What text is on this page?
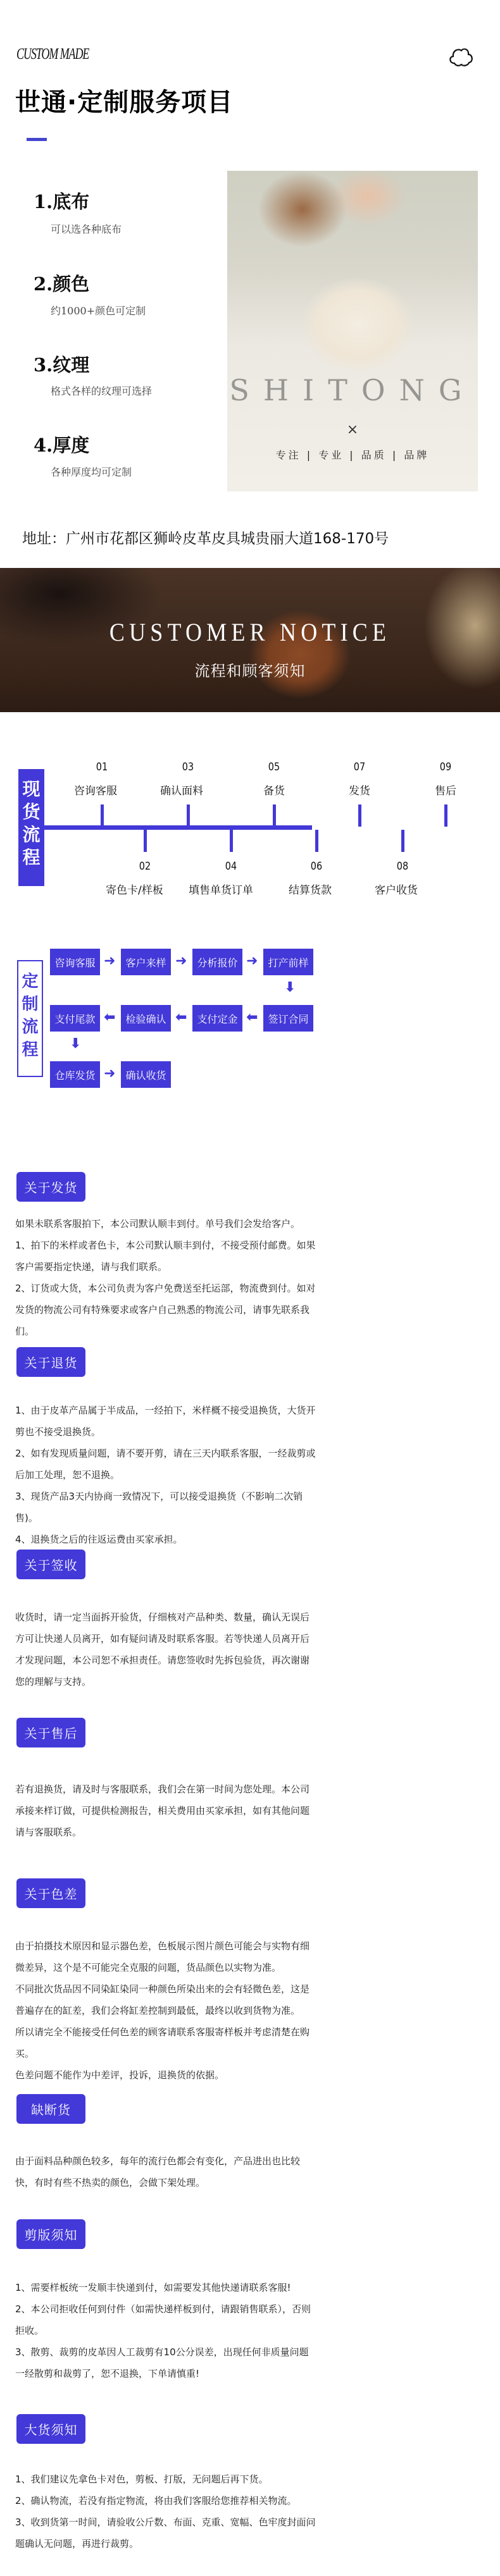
CUSTOM MADE
世通·定制服务项目
1.底布
可以选各种底布
2.颜色
约1000+颜色可定制
3.纹理
格式各样的纹理可选择
4.厚度
各种厚度均可定制
SHITONG
×
专注 | 专业 | 品质 | 品牌
地址：广州市花都区狮岭皮革皮具城贵丽大道168-170号
CUSTOMER NOTICE
流程和顾客须知
现货流程
01
咨询客服
03
确认面料
05
备货
07
发货
09
售后
02
寄色卡/样板
04
填售单货订单
06
结算货款
08
客户收货
定制流程
咨询客服 ➜	客户来样 ➜	分析报价 ➜	打产前样
⬇
支付尾款 ⬅	检验确认 ⬅	支付定金 ⬅	签订合同
⬇
仓库发货 ➜	确认收货
关于发货

如果未联系客服拍下，本公司默认顺丰到付。单号我们会发给客户。

1、拍下的米样或者色卡，本公司默认顺丰到付，不接受预付邮费。如果客户需要指定快递，请与我们联系。

2、订货或大货，本公司负责为客户免费送至托运部，物流费到付。如对发货的物流公司有特殊要求或客户自己熟悉的物流公司，请事先联系我们。

关于退货

1、由于皮革产品属于半成品，一经拍下，米样概不接受退换货，大货开剪也不接受退换货。

2、如有发现质量问题，请不要开剪，请在三天内联系客服，一经裁剪或后加工处理，恕不退换。

3、现货产品3天内协商一致情况下，可以接受退换货（不影响二次销售)。

4、退换货之后的往返运费由买家承担。

关于签收

收货时，请一定当面拆开验货，仔细核对产品种类、数量，确认无误后方可让快递人员离开，如有疑问请及时联系客服。若等快递人员离开后才发现问题，本公司恕不承担责任。请您签收时先拆包验货，再次谢谢您的理解与支持。

关于售后

若有退换货，请及时与客服联系，我们会在第一时间为您处理。本公司承接来样订做，可提供检测报告，相关费用由买家承担，如有其他问题请与客服联系。

关于色差

由于拍摄技术原因和显示器色差，色板展示图片颜色可能会与实物有细微差异，这个是不可能完全克服的问题，货品颜色以实物为准。

不同批次货品因不同染缸染同一种颜色所染出来的会有轻微色差，这是普遍存在的缸差，我们会将缸差控制到最低，最终以收到货物为准。

所以请完全不能接受任何色差的顾客请联系客服寄样板并考虑清楚在购买。

色差问题不能作为中差评，投诉，退换货的依据。

缺断货

由于面料品种颜色较多，每年的流行色都会有变化，产品进出也比较快，有时有些不热卖的颜色，会做下架处理。

剪版须知

1、需要样板统一发顺丰快递到付，如需要发其他快递请联系客服!

2、本公司拒收任何到付件（如需快递样板到付，请跟销售联系），否则拒收。

3、散剪、裁剪的皮革因人工裁剪有10公分误差，出现任何非质量问题一经散剪和裁剪了，恕不退换，下单请慎重!

大货须知

1、我们建议先拿色卡对色，剪板、打版，无问题后再下货。

2、确认物流，若没有指定物流，将由我们客服给您推荐相关物流。

3、收到货第一时间，请验收公斤数、布面、克重、宽幅、色牢度封面问题确认无问题，再进行裁剪。
